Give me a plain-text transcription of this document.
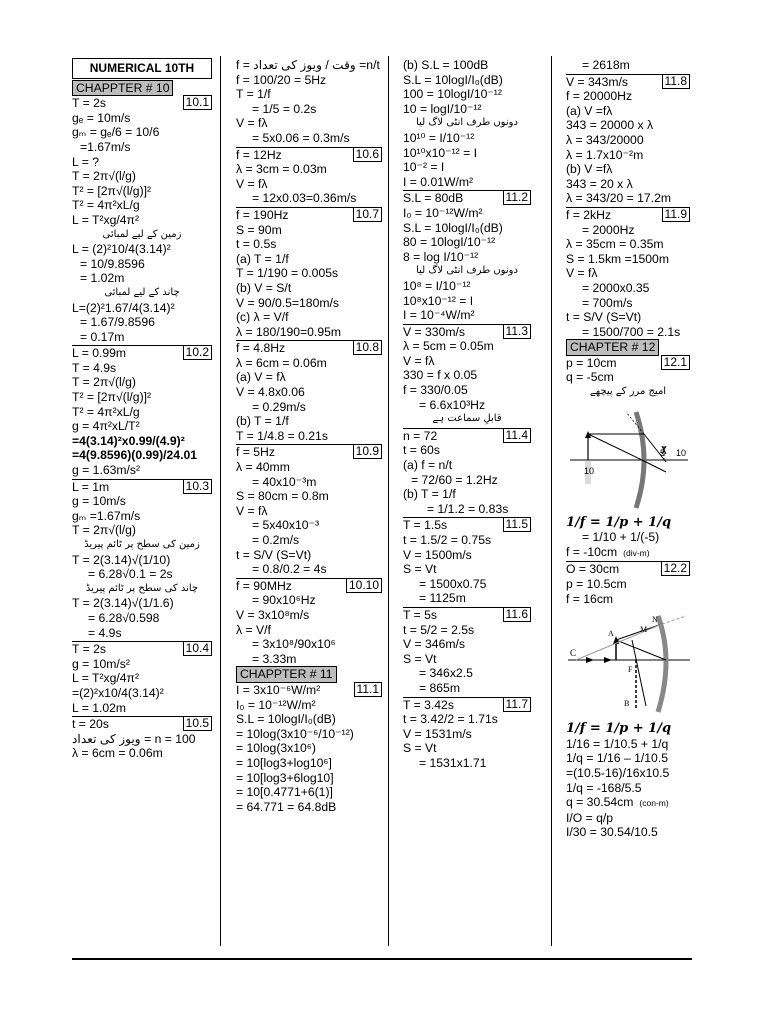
NUMERICAL 10TH
CHAPPTER # 10
T = 2s	10.1
gₑ = 10m/s
gₘ = gₑ/6 = 10/6
=1.67m/s
L = ?
T = 2π√(l/g)
T² = [2π√(l/g)]²
T² = 4π²xL/g
L = T²xg/4π²
زمین کے لیے لمبائی
L = (2)²10/4(3.14)²
= 10/9.8596
= 1.02m
چاند کے لیے لمبائی
L=(2)²1.67/4(3.14)²
= 1.67/9.8596
= 0.17m
L = 0.99m	10.2
T = 4.9s
T = 2π√(l/g)
T² = [2π√(l/g)]²
T² = 4π²xL/g
g = 4π²xL/T²
=4(3.14)²x0.99/(4.9)²
=4(9.8596)(0.99)/24.01
g = 1.63m/s²
L = 1m	10.3
g = 10m/s
gₘ =1.67m/s
T = 2π√(l/g)
زمین کی سطح پر ٹائم پیریڈ
T = 2(3.14)√(1/10)
= 6.28√0.1 = 2s
چاند کی سطح پر ٹائم پیریڈ
T = 2(3.14)√(1/1.6)
= 6.28√0.598
= 4.9s
T = 2s	10.4
g = 10m/s²
L = T²xg/4π²
=(2)²x10/4(3.14)²
L = 1.02m
t = 20s	10.5
ویوز کی تعداد = n = 100
λ = 6cm = 0.06m
f = وقت / ویوز کی تعداد =n/t
f = 100/20 = 5Hz
T = 1/f
= 1/5 = 0.2s
V = fλ
= 5x0.06 = 0.3m/s
f = 12Hz	10.6
λ = 3cm = 0.03m
V = fλ
= 12x0.03=0.36m/s
f = 190Hz	10.7
S = 90m
t = 0.5s
(a) T = 1/f
T = 1/190 = 0.005s
(b) V = S/t
V = 90/0.5=180m/s
(c) λ = V/f
λ = 180/190=0.95m
f = 4.8Hz	10.8
λ = 6cm = 0.06m
(a) V = fλ
V = 4.8x0.06
= 0.29m/s
(b) T = 1/f
T = 1/4.8 = 0.21s
f = 5Hz	10.9
λ = 40mm
= 40x10⁻³m
S = 80cm = 0.8m
V = fλ
= 5x40x10⁻³
= 0.2m/s
t = S/V (S=Vt)
= 0.8/0.2 = 4s
f = 90MHz	10.10
= 90x10⁶Hz
V = 3x10⁸m/s
λ = V/f
= 3x10⁸/90x10⁶
= 3.33m
CHAPPTER # 11
I = 3x10⁻⁶W/m²	11.1
I₀ = 10⁻¹²W/m²
S.L = 10logI/I₀(dB)
= 10log(3x10⁻⁶/10⁻¹²)
= 10log(3x10⁶)
= 10[log3+log10⁶]
= 10[log3+6log10]
= 10[0.4771+6(1)]
= 64.771 = 64.8dB
(b) S.L = 100dB
S.L = 10logI/I₀(dB)
100 = 10logI/10⁻¹²
10 = logI/10⁻¹²
دونوں طرف انٹی لاگ لیا
10¹⁰ = I/10⁻¹²
10¹⁰x10⁻¹² = I
10⁻² = I
I = 0.01W/m²
S.L = 80dB	11.2
I₀ = 10⁻¹²W/m²
S.L = 10logI/I₀(dB)
80 = 10logI/10⁻¹²
8 = log I/10⁻¹²
دونوں طرف انٹی لاگ لیا
10⁸ = I/10⁻¹²
10⁸x10⁻¹² = I
I = 10⁻⁴W/m²
V = 330m/s	11.3
λ = 5cm = 0.05m
V = fλ
330 = f x 0.05
f = 330/0.05
= 6.6x10³Hz
قابلِ سماعت ہے
n = 72	11.4
t = 60s
(a) f = n/t
= 72/60 = 1.2Hz
(b) T = 1/f
= 1/1.2 = 0.83s
T = 1.5s	11.5
t = 1.5/2 = 0.75s
V = 1500m/s
S = Vt
= 1500x0.75
= 1125m
T = 5s	11.6
t = 5/2 = 2.5s
V = 346m/s
S = Vt
= 346x2.5
= 865m
T = 3.42s	11.7
t = 3.42/2 = 1.71s
V = 1531m/s
S = Vt
= 1531x1.71
= 2618m
V = 343m/s	11.8
f = 20000Hz
(a) V =fλ
343 = 20000 x λ
λ = 343/20000
λ = 1.7x10⁻²m
(b) V =fλ
343 = 20 x λ
λ = 343/20 = 17.2m
f = 2kHz	11.9
= 2000Hz
λ = 35cm = 0.35m
S = 1.5km =1500m
V = fλ
= 2000x0.35
= 700m/s
t = S/V (S=Vt)
= 1500/700 = 2.1s
CHAPTER # 12
p = 10cm	12.1
q = -5cm
امیج مرر کے پیچھے
10
5 10
1/f = 1/p + 1/q
= 1/10 + 1/(-5)
f = -10cm (div-m)
O = 30cm	12.2
p = 10.5cm
f = 16cm
C
F
A
N
M
B
1/f = 1/p + 1/q
1/16 = 1/10.5 + 1/q
1/q = 1/16 – 1/10.5
=(10.5-16)/16x10.5
1/q = -168/5.5
q = 30.54cm (con-m)
I/O = q/p
I/30 = 30.54/10.5
